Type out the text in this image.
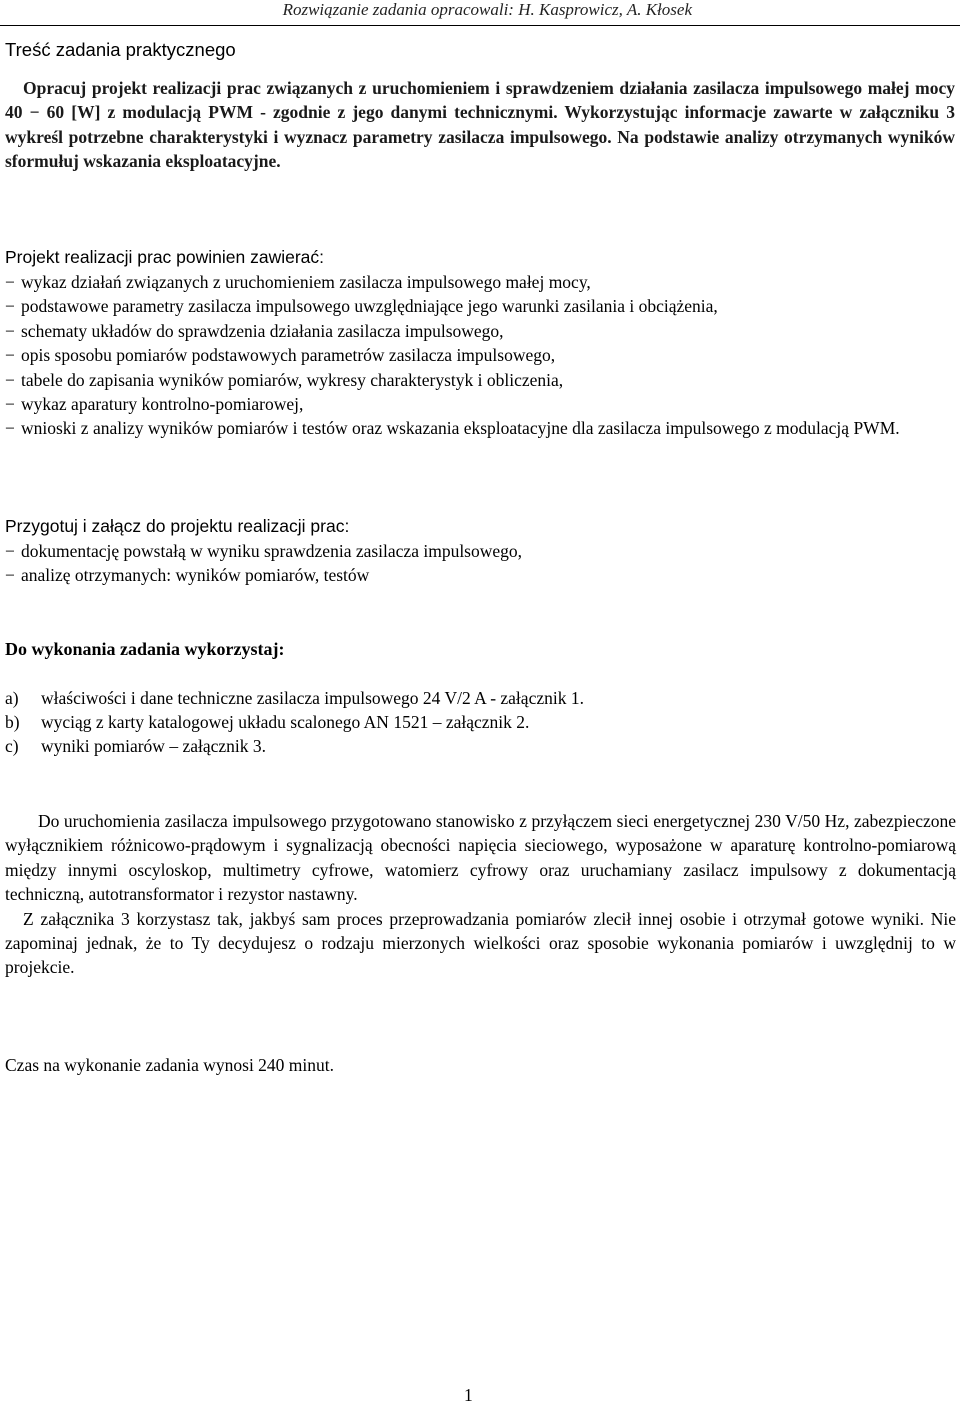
Rozwiązanie zadania opracowali: H. Kasprowicz, A. Kłosek
Treść zadania praktycznego

Opracuj projekt realizacji prac związanych z uruchomieniem i sprawdzeniem działania zasilacza impulsowego małej mocy 40 − 60 [W] z modulacją PWM - zgodnie z jego danymi technicznymi. Wykorzystując informacje zawarte w załączniku 3 wykreśl potrzebne charakterystyki i wyznacz parametry zasilacza impulsowego. Na podstawie analizy otrzymanych wyników sformułuj wskazania eksploatacyjne.

Projekt realizacji prac powinien zawierać:
− wykaz działań związanych z uruchomieniem zasilacza impulsowego małej mocy,
− podstawowe parametry zasilacza impulsowego uwzględniające jego warunki zasilania i obciążenia,
− schematy układów do sprawdzenia działania zasilacza impulsowego,
− opis sposobu pomiarów podstawowych parametrów zasilacza impulsowego,
− tabele do zapisania wyników pomiarów, wykresy charakterystyk i obliczenia,
− wykaz aparatury kontrolno-pomiarowej,
− wnioski z analizy wyników pomiarów i testów oraz wskazania eksploatacyjne dla zasilacza impulsowego z modulacją PWM.
Przygotuj i załącz do projektu realizacji prac:
− dokumentację powstałą w wyniku sprawdzenia zasilacza impulsowego,
− analizę otrzymanych: wyników pomiarów, testów
Do wykonania zadania wykorzystaj:
a) właściwości i dane techniczne zasilacza impulsowego 24 V/2 A - załącznik 1.
b) wyciąg z karty katalogowej układu scalonego AN 1521 – załącznik 2.
c) wyniki pomiarów – załącznik 3.

Do uruchomienia zasilacza impulsowego przygotowano stanowisko z przyłączem sieci energetycznej 230 V/50 Hz, zabezpieczone wyłącznikiem różnicowo-prądowym i sygnalizacją obecności napięcia sieciowego, wyposażone w aparaturę kontrolno-pomiarową między innymi oscyloskop, multimetry cyfrowe, watomierz cyfrowy oraz uruchamiany zasilacz impulsowy z dokumentacją techniczną, autotransformator i rezystor nastawny.

Z załącznika 3 korzystasz tak, jakbyś sam proces przeprowadzania pomiarów zlecił innej osobie i otrzymał gotowe wyniki. Nie zapominaj jednak, że to Ty decydujesz o rodzaju mierzonych wielkości oraz sposobie wykonania pomiarów i uwzględnij to w projekcie.

Czas na wykonanie zadania wynosi 240 minut.
1
